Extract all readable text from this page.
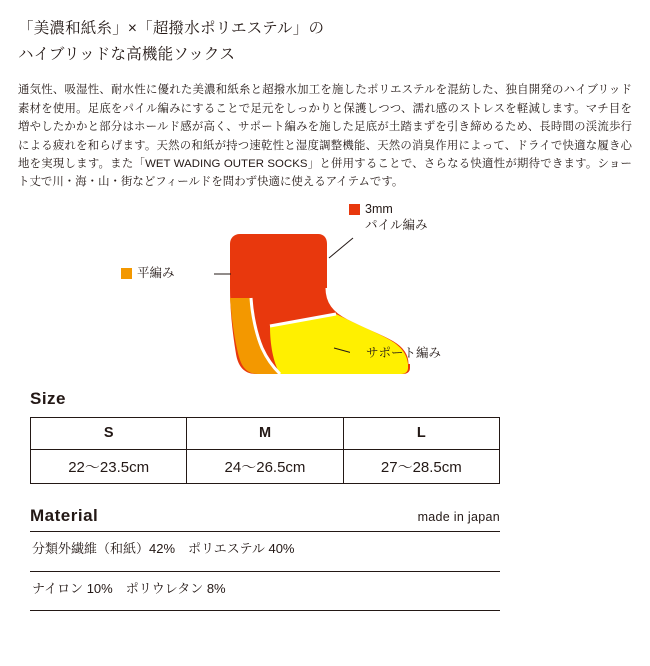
「美濃和紙糸」×「超撥水ポリエステル」の
ハイブリッドな高機能ソックス

通気性、吸湿性、耐水性に優れた美濃和紙糸と超撥水加工を施したポリエステルを混紡した、独自開発のハイブリッド素材を使用。足底をパイル編みにすることで足元をしっかりと保護しつつ、濡れ感のストレスを軽減します。マチ目を増やしたかかと部分はホールド感が高く、サポート編みを施した足底が土踏まずを引き締めるため、長時間の渓流歩行による疲れを和らげます。天然の和紙が持つ速乾性と湿度調整機能、天然の消臭作用によって、ドライで快適な履き心地を実現します。また「WET WADING OUTER SOCKS」と併用することで、さらなる快適性が期待できます。ショート丈で川・海・山・街などフィールドを問わず快適に使えるアイテムです。

3mm
パイル編み
平編み
サポート編み
Size
S	M	L
22〜23.5cm	24〜26.5cm	27〜28.5cm
Material	made in japan
分類外繊維（和紙）42%　ポリエステル 40%
ナイロン 10%　ポリウレタン 8%
